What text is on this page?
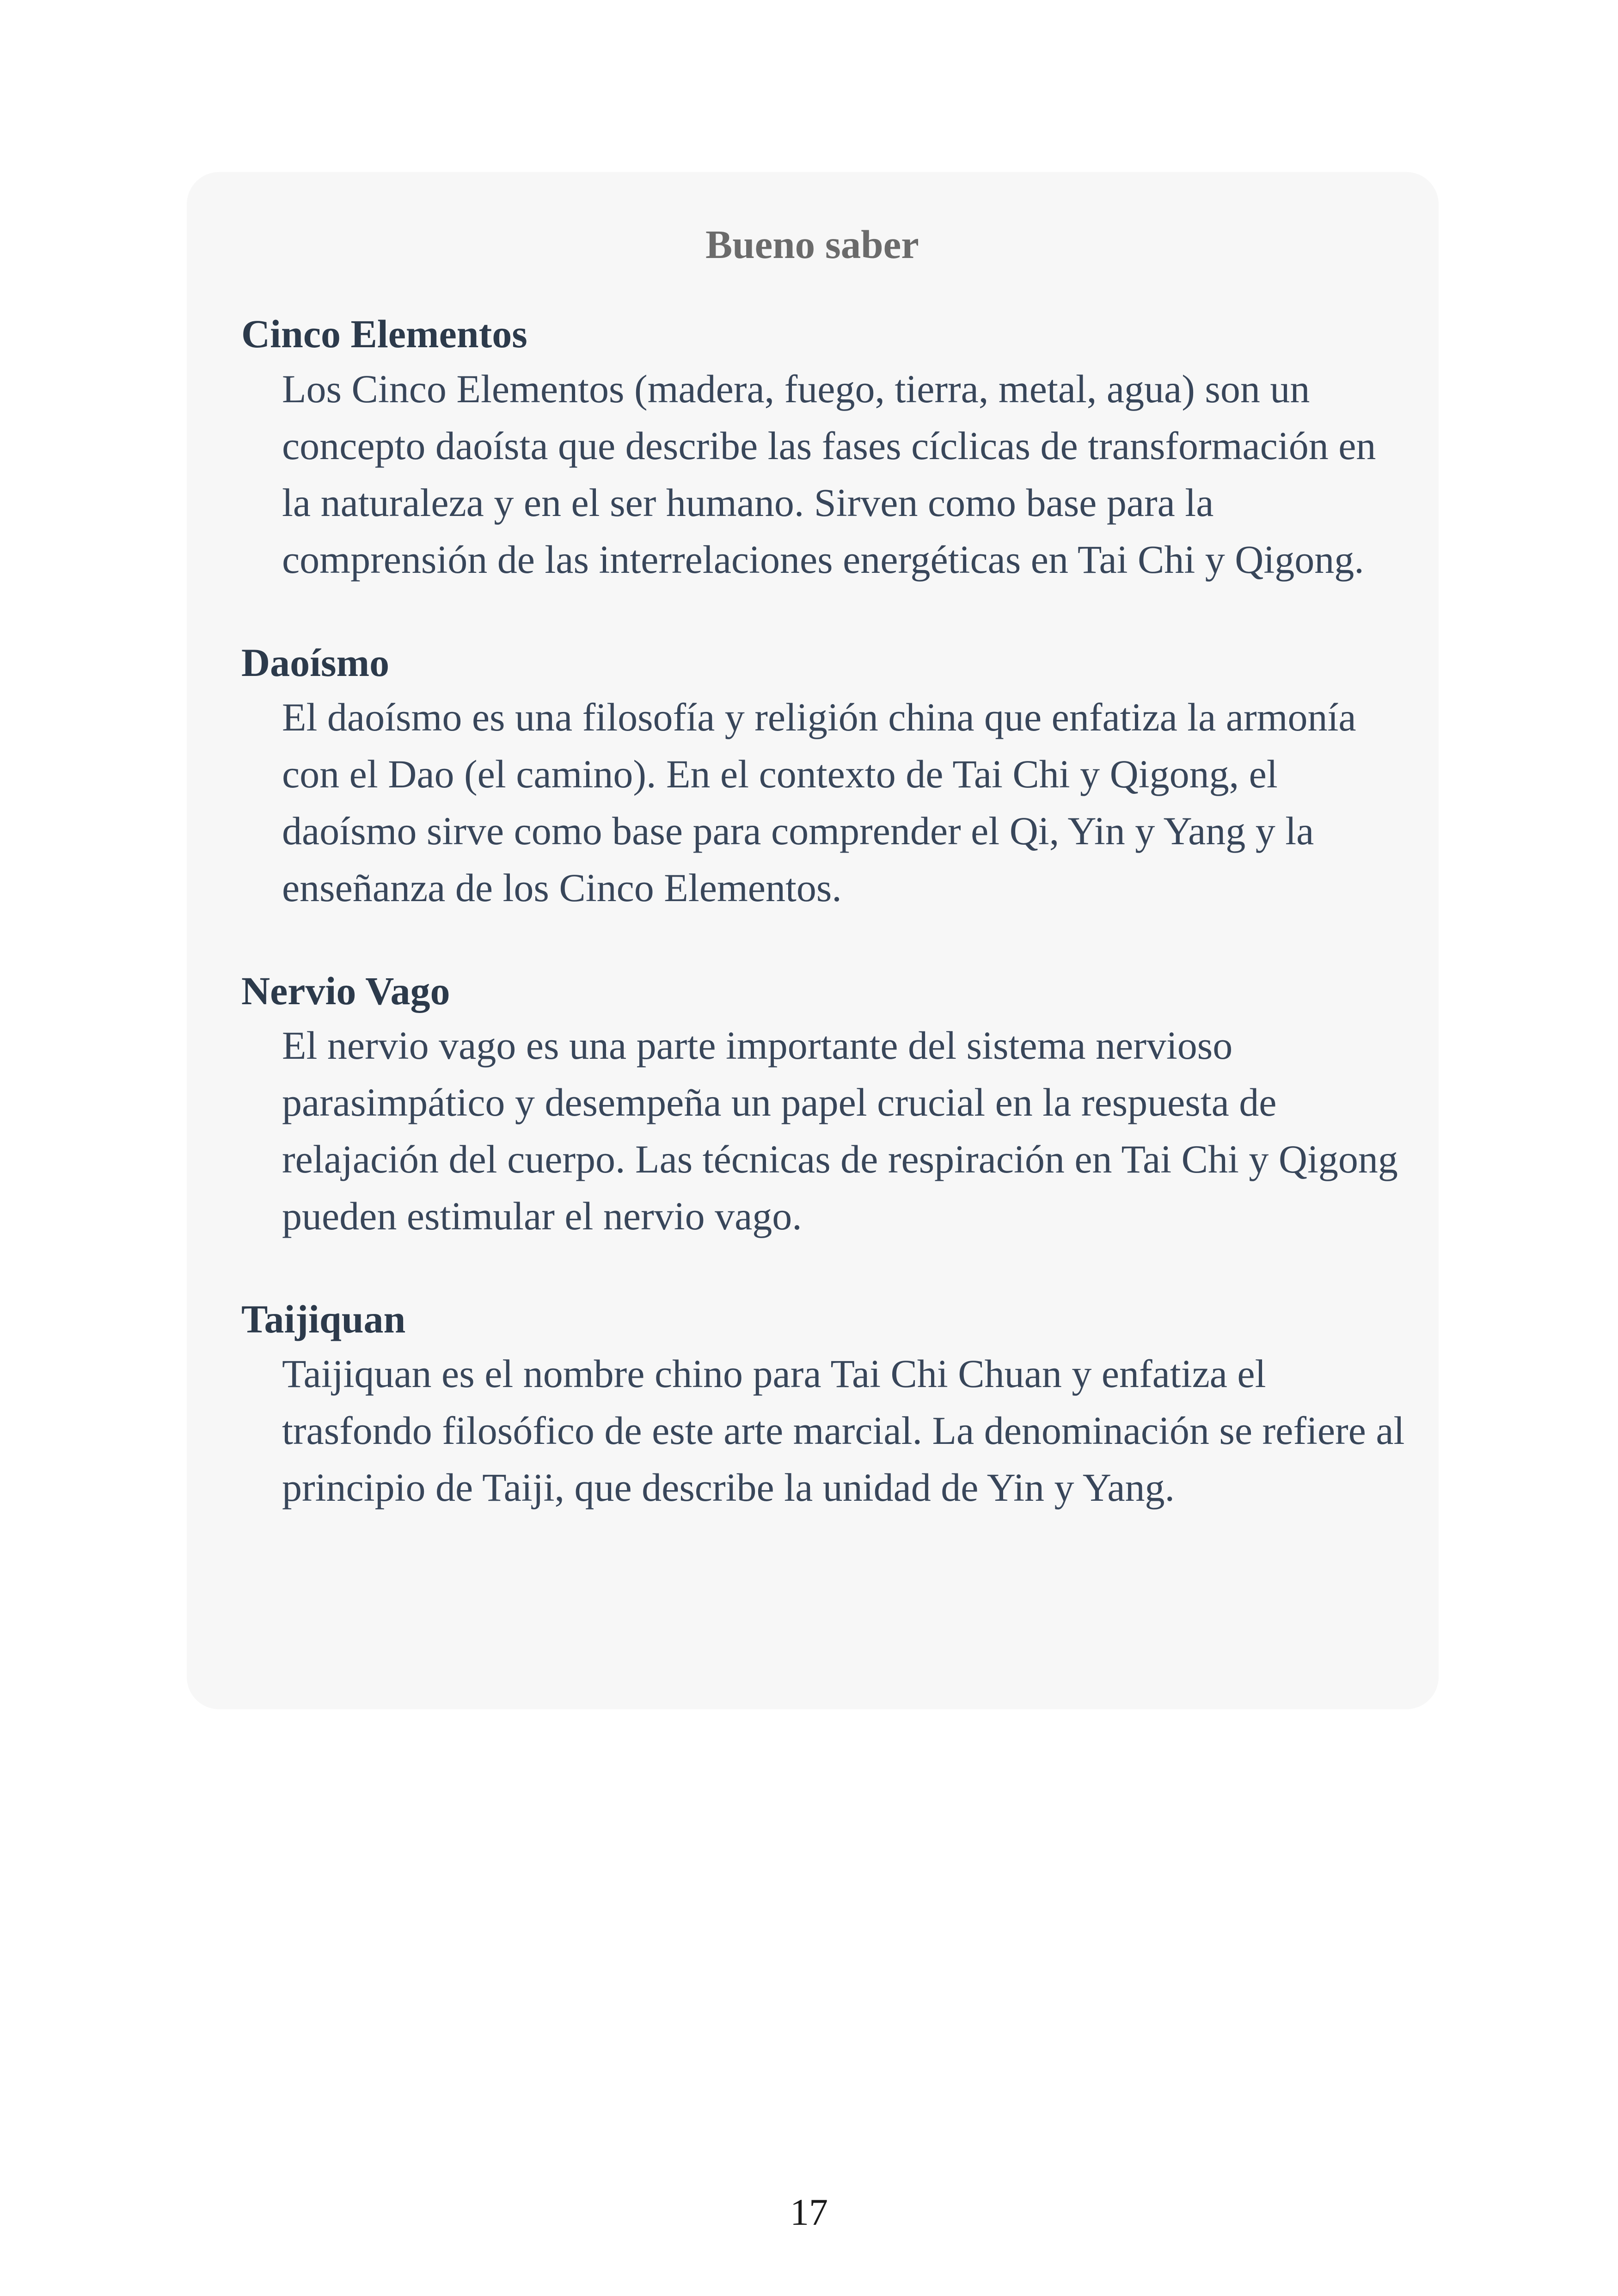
Bueno saber
Cinco Elementos
Los Cinco Elementos (madera, fuego, tierra, metal, agua) son un concepto daoísta que describe las fases cíclicas de transformación en la naturaleza y en el ser humano. Sirven como base para la comprensión de las interrelaciones energéticas en Tai Chi y Qigong.
Daoísmo
El daoísmo es una filosofía y religión china que enfatiza la armonía con el Dao (el camino). En el contexto de Tai Chi y Qigong, el daoísmo sirve como base para comprender el Qi, Yin y Yang y la enseñanza de los Cinco Elementos.
Nervio Vago
El nervio vago es una parte importante del sistema nervioso parasimpático y desempeña un papel crucial en la respuesta de relajación del cuerpo. Las técnicas de respiración en Tai Chi y Qigong pueden estimular el nervio vago.
Taijiquan
Taijiquan es el nombre chino para Tai Chi Chuan y enfatiza el trasfondo filosófico de este arte marcial. La denominación se refiere al principio de Taiji, que describe la unidad de Yin y Yang.
17
